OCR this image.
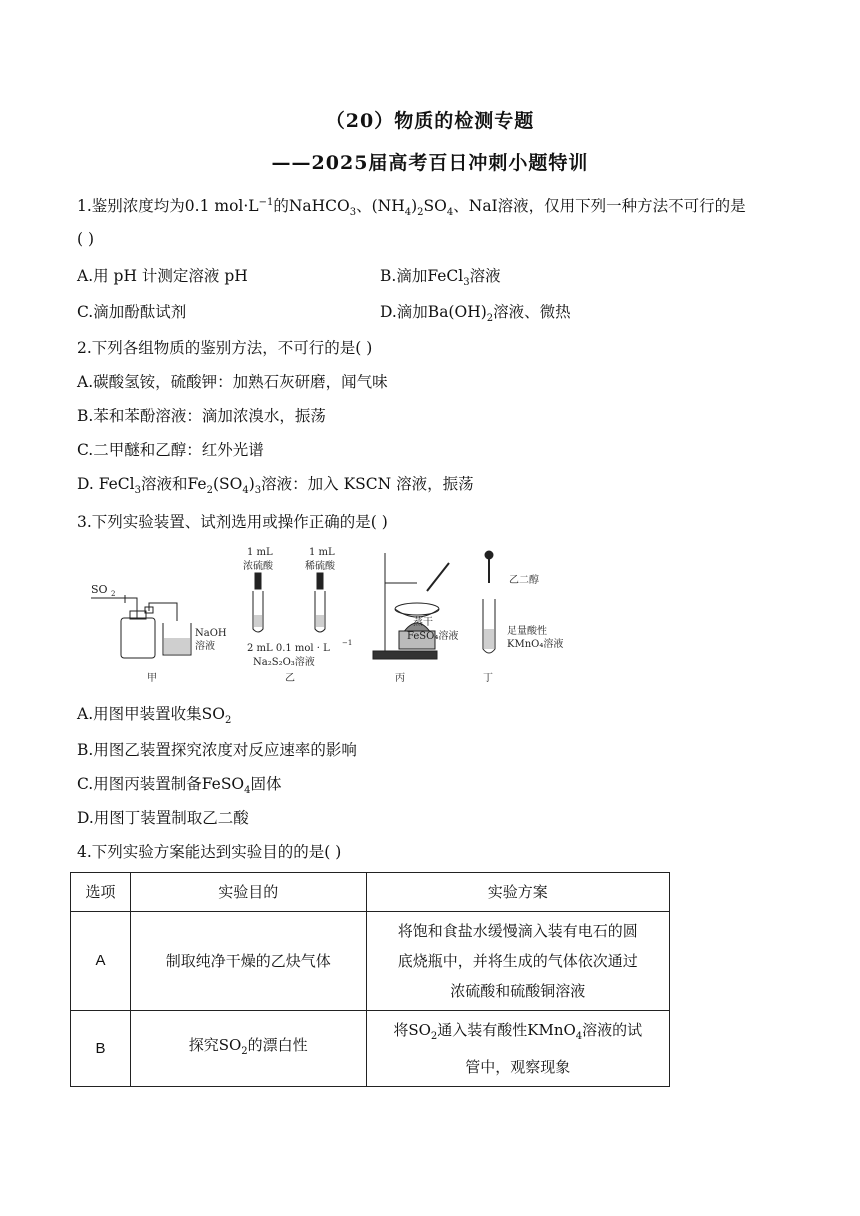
（20）物质的检测专题
——2025届高考百日冲刺小题特训
1.鉴别浓度均为0.1 $mol\cdot L^{-1}$的NaHCO$_3$、$(NH_4)_2SO_4$、NaI溶液，仅用下列一种方法不可行的是
( )
A.用 pH 计测定溶液 pH	B.滴加FeCl$_3$溶液
C.滴加酚酞试剂	D.滴加$Ba(OH)_2$溶液、微热
2.下列各组物质的鉴别方法，不可行的是( )
A.碳酸氢铵，硫酸钾：加熟石灰研磨，闻气味
B.苯和苯酚溶液：滴加浓溴水，振荡
C.二甲醚和乙醇：红外光谱
D. FeCl$_3$溶液和$Fe_2(SO_4)_3$溶液：加入 KSCN 溶液，振荡
3.下列实验装置、试剂选用或操作正确的是( )
SO 2
NaOH
溶液
甲
1 mL
浓硫酸
1 mL
稀硫酸
2 mL 0.1 mol · L −1
Na₂S₂O₃溶液
乙
蒸干
FeSO₄溶液
丙
乙二醇
足量酸性
KMnO₄溶液
丁
A.用图甲装置收集$SO_2$
B.用图乙装置探究浓度对反应速率的影响
C.用图丙装置制备FeSO$_4$固体
D.用图丁装置制取乙二酸
4.下列实验方案能达到实验目的的是( )
选项	实验目的	实验方案
A	制取纯净干燥的乙炔气体	将饱和食盐水缓慢滴入装有电石的圆
底烧瓶中，并将生成的气体依次通过
浓硫酸和硫酸铜溶液

B	探究$SO_2$的漂白性	将$SO_2$通入装有酸性KMnO$_4$溶液的试
管中，观察现象
